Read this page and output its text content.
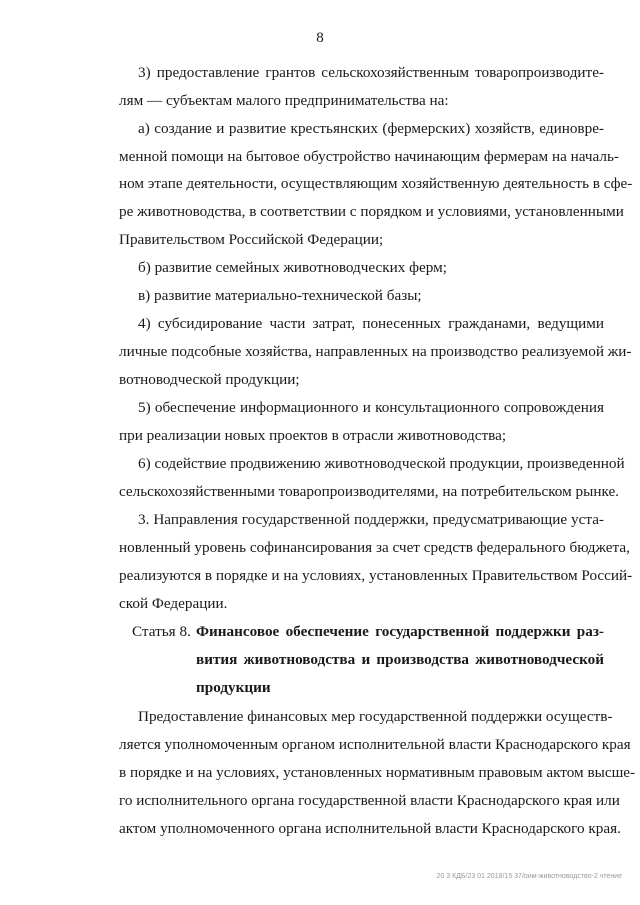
8
3) предоставление грантов сельскохозяйственным товаропроизводите-
лям — субъектам малого предпринимательства на:
а) создание и развитие крестьянских (фермерских) хозяйств, единовре-
менной помощи на бытовое обустройство начинающим фермерам на началь-
ном этапе деятельности, осуществляющим хозяйственную деятельность в сфе-
ре животноводства, в соответствии с порядком и условиями, установленными
Правительством Российской Федерации;
б) развитие семейных животноводческих ферм;
в) развитие материально-технической базы;
4) субсидирование части затрат, понесенных гражданами, ведущими
личные подсобные хозяйства, направленных на производство реализуемой жи-
вотноводческой продукции;
5) обеспечение информационного и консультационного сопровождения
при реализации новых проектов в отрасли животноводства;
6) содействие продвижению животноводческой продукции, произведенной
сельскохозяйственными товаропроизводителями, на потребительском рынке.
3. Направления государственной поддержки, предусматривающие уста-
новленный уровень софинансирования за счет средств федерального бюджета,
реализуются в порядке и на условиях, установленных Правительством Россий-
ской Федерации.
Статья 8. Финансовое обеспечение государственной поддержки раз-
вития животноводства и производства животноводческой
продукции
Предоставление финансовых мер государственной поддержки осуществ-
ляется уполномоченным органом исполнительной власти Краснодарского края
в порядке и на условиях, установленных нормативным правовым актом высше-
го исполнительного органа государственной власти Краснодарского края или
актом уполномоченного органа исполнительной власти Краснодарского края.
20 3 КДБ/23 01 2018/15 37/оим-животноводство-2 чтение
